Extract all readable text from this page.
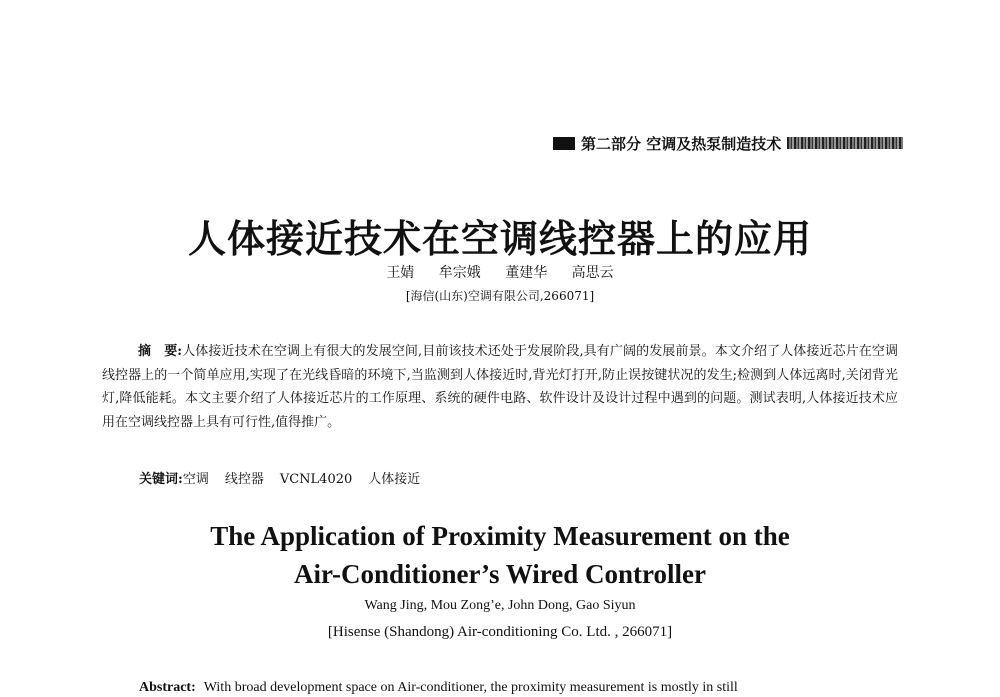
第二部分 空调及热泵制造技术
人体接近技术在空调线控器上的应用
王婧 牟宗娥 董建华 高思云
[海信(山东)空调有限公司,266071]
摘　要:人体接近技术在空调上有很大的发展空间,目前该技术还处于发展阶段,具有广阔的发展前景。本文介绍了人体接近芯片在空调线控器上的一个简单应用,实现了在光线昏暗的环境下,当监测到人体接近时,背光灯打开,防止误按键状况的发生;检测到人体远离时,关闭背光灯,降低能耗。本文主要介绍了人体接近芯片的工作原理、系统的硬件电路、软件设计及设计过程中遇到的问题。测试表明,人体接近技术应用在空调线控器上具有可行性,值得推广。
关键词:空调 线控器 VCNL4020 人体接近
The Application of Proximity Measurement on the
Air-Conditioner’s Wired Controller
Wang Jing, Mou Zong’e, John Dong, Gao Siyun
[Hisense (Shandong) Air-conditioning Co. Ltd. , 266071]
Abstract: With broad development space on Air-conditioner, the proximity measurement is mostly in still
